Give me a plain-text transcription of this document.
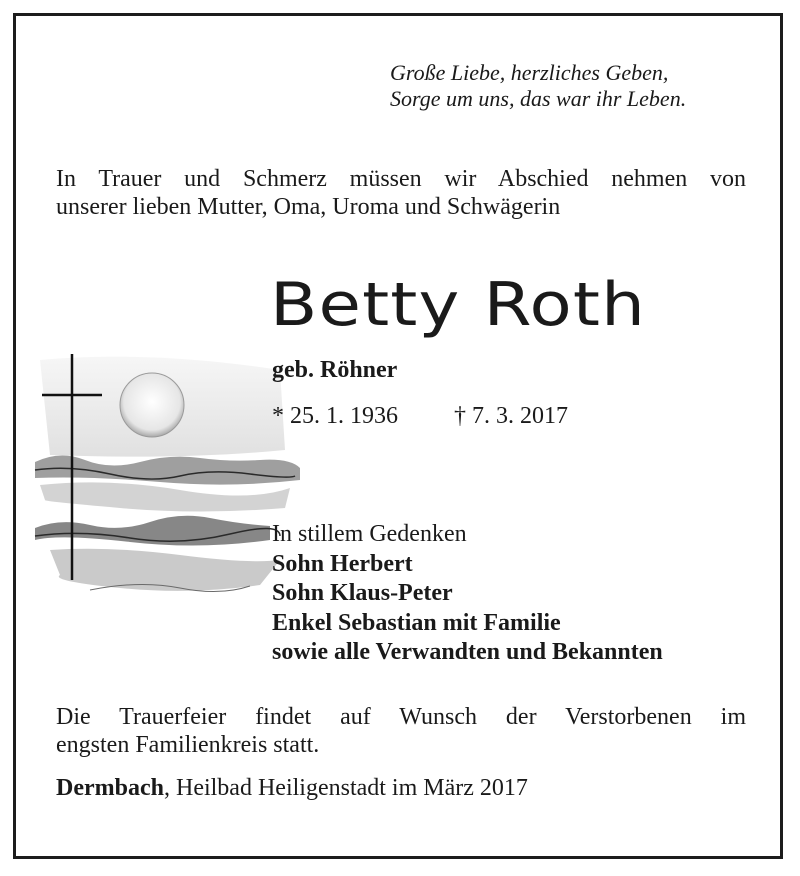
Große Liebe, herzliches Geben,
Sorge um uns, das war ihr Leben.
In Trauer und Schmerz müssen wir Abschied nehmen von
unserer lieben Mutter, Oma, Uroma und Schwägerin
Betty Roth
geb. Röhner
* 25. 1. 1936 † 7. 3. 2017
In stillem Gedenken
Sohn Herbert
Sohn Klaus-Peter
Enkel Sebastian mit Familie
sowie alle Verwandten und Bekannten
Die Trauerfeier findet auf Wunsch der Verstorbenen im
engsten Familienkreis statt.
Dermbach, Heilbad Heiligenstadt im März 2017
